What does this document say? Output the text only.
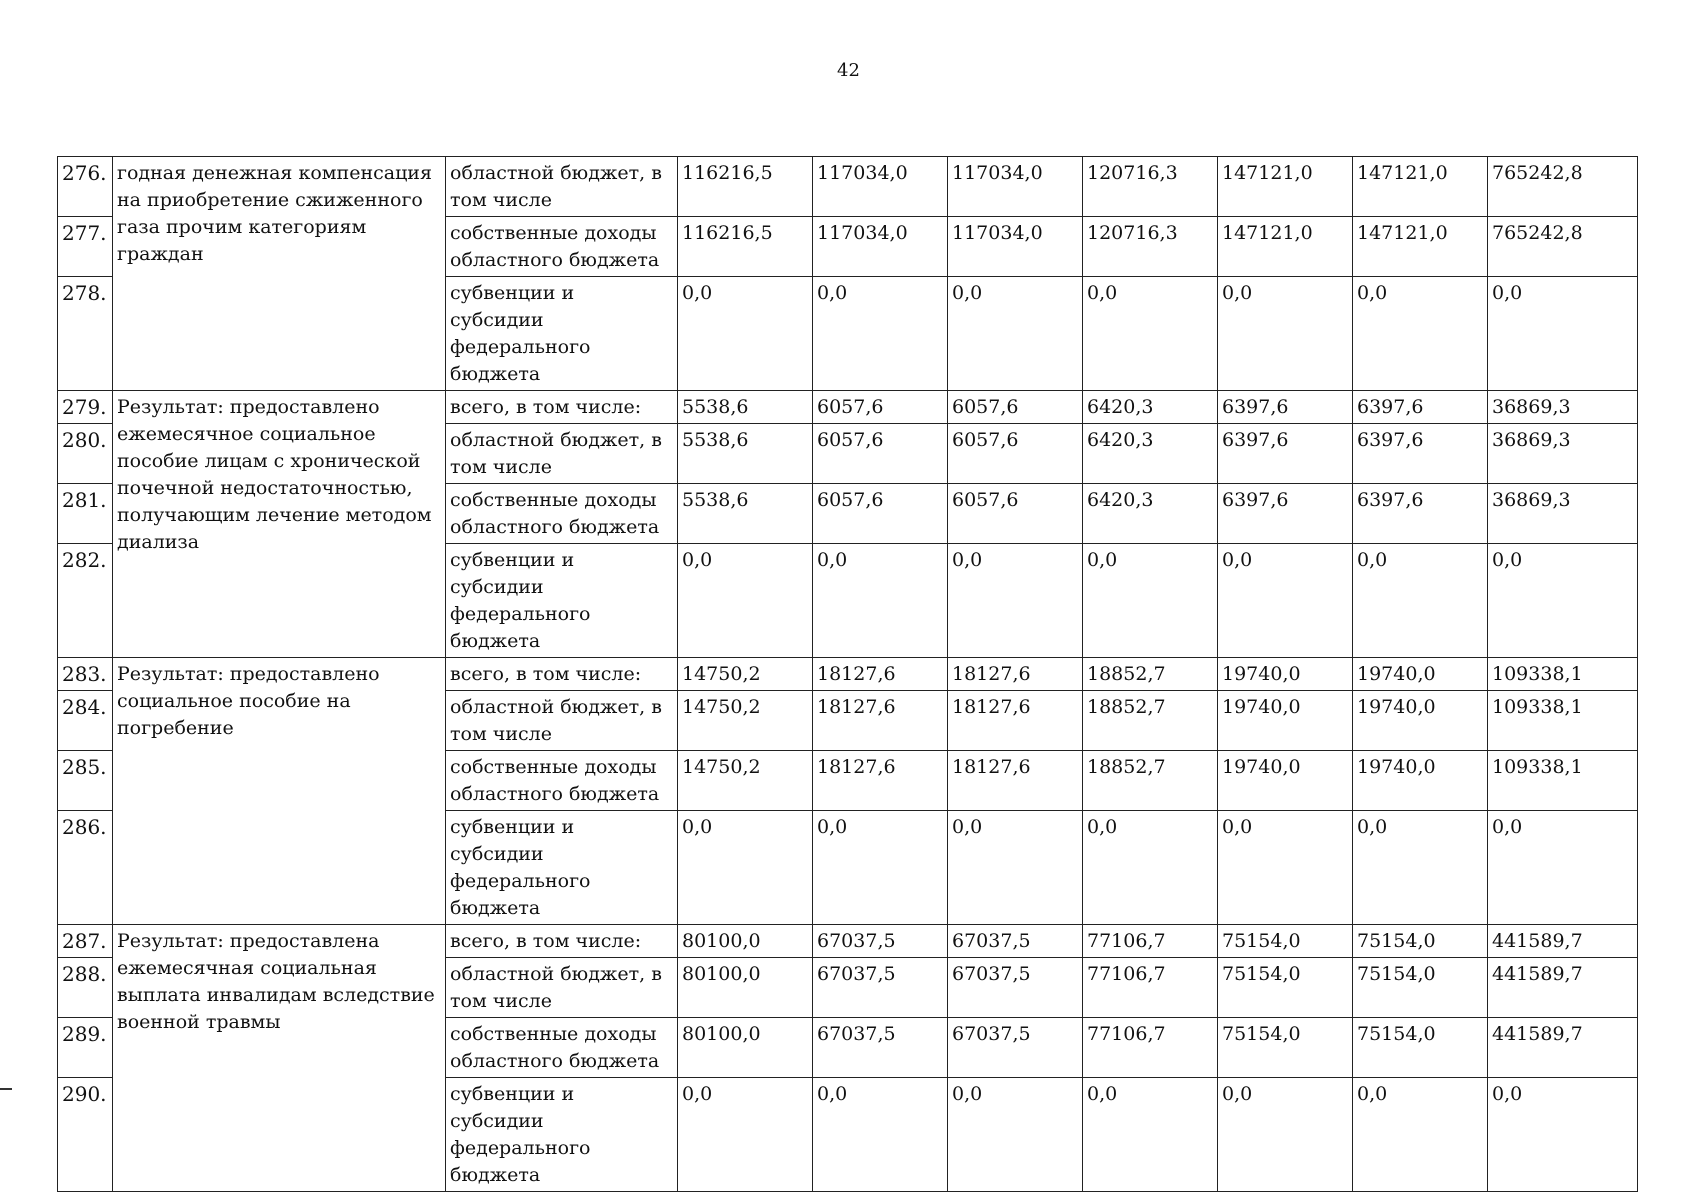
42
276.	годная денежная компенсация на приобретение сжиженного газа прочим категориям граждан	областной бюджет, в том числе	116216,5	117034,0	117034,0	120716,3	147121,0	147121,0	765242,8
277.		собственные доходы областного бюджета	116216,5	117034,0	117034,0	120716,3	147121,0	147121,0	765242,8
278.		субвенции и субсидии федерального бюджета	0,0	0,0	0,0	0,0	0,0	0,0	0,0
279.	Результат: предоставлено ежемесячное социальное пособие лицам с хронической почечной недостаточностью, получающим лечение методом диализа	всего, в том числе:	5538,6	6057,6	6057,6	6420,3	6397,6	6397,6	36869,3
280.		областной бюджет, в том числе	5538,6	6057,6	6057,6	6420,3	6397,6	6397,6	36869,3
281.		собственные доходы областного бюджета	5538,6	6057,6	6057,6	6420,3	6397,6	6397,6	36869,3
282.		субвенции и субсидии федерального бюджета	0,0	0,0	0,0	0,0	0,0	0,0	0,0
283.	Результат: предоставлено социальное пособие на погребение	всего, в том числе:	14750,2	18127,6	18127,6	18852,7	19740,0	19740,0	109338,1
284.		областной бюджет, в том числе	14750,2	18127,6	18127,6	18852,7	19740,0	19740,0	109338,1
285.		собственные доходы областного бюджета	14750,2	18127,6	18127,6	18852,7	19740,0	19740,0	109338,1
286.		субвенции и субсидии федерального бюджета	0,0	0,0	0,0	0,0	0,0	0,0	0,0
287.	Результат: предоставлена ежемесячная социальная выплата инвалидам вследствие военной травмы	всего, в том числе:	80100,0	67037,5	67037,5	77106,7	75154,0	75154,0	441589,7
288.		областной бюджет, в том числе	80100,0	67037,5	67037,5	77106,7	75154,0	75154,0	441589,7
289.		собственные доходы областного бюджета	80100,0	67037,5	67037,5	77106,7	75154,0	75154,0	441589,7
290.		субвенции и субсидии федерального бюджета	0,0	0,0	0,0	0,0	0,0	0,0	0,0
